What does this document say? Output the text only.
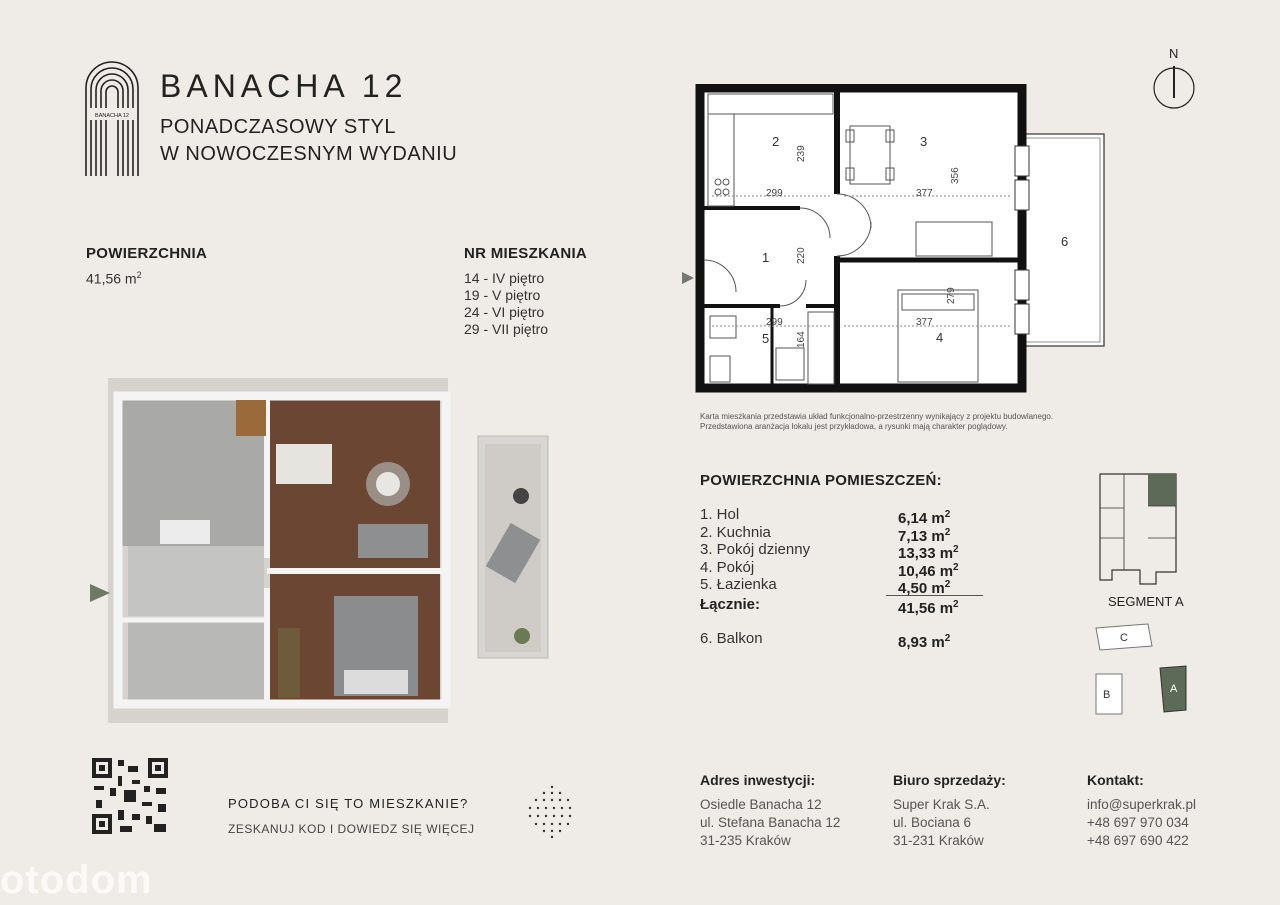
BANACHA 12
BANACHA 12
PONADCZASOWY STYL
W NOWOCZESNYM WYDANIU
POWIERZCHNIA
41,56 $m^2$
NR MIESZKANIA
14 - IV piętro
19 - V piętro
24 - VI piętro
29 - VII piętro
N
2	3
1
4
5
6
299
239
377
356
220
279
299	377
164
Karta mieszkania przedstawia układ funkcjonalno-przestrzenny wynikający z projektu budowlanego.
Przedstawiona aranżacja lokalu jest przykładowa, a rysunki mają charakter poglądowy.
POWIERZCHNIA POMIESZCZEŃ:
1. Hol	6,14 $m^2$
2. Kuchnia	7,13 $m^2$
3. Pokój dzienny	13,33 $m^2$
4. Pokój	10,46 $m^2$
5. Łazienka	4,50 $m^2$
Łącznie:	41,56 $m^2$
6. Balkon	8,93 $m^2$	C
B	A
SEGMENT A
PODOBA CI SIĘ TO MIESZKANIE?
ZESKANUJ KOD I DOWIEDZ SIĘ WIĘCEJ
Adres inwestycji:
Osiedle Banacha 12
ul. Stefana Banacha 12
31-235 Kraków
Biuro sprzedaży:
Super Krak S.A.
ul. Bociana 6
31-231 Kraków
Kontakt:
info@superkrak.pl
+48 697 970 034
+48 697 690 422
otodom
